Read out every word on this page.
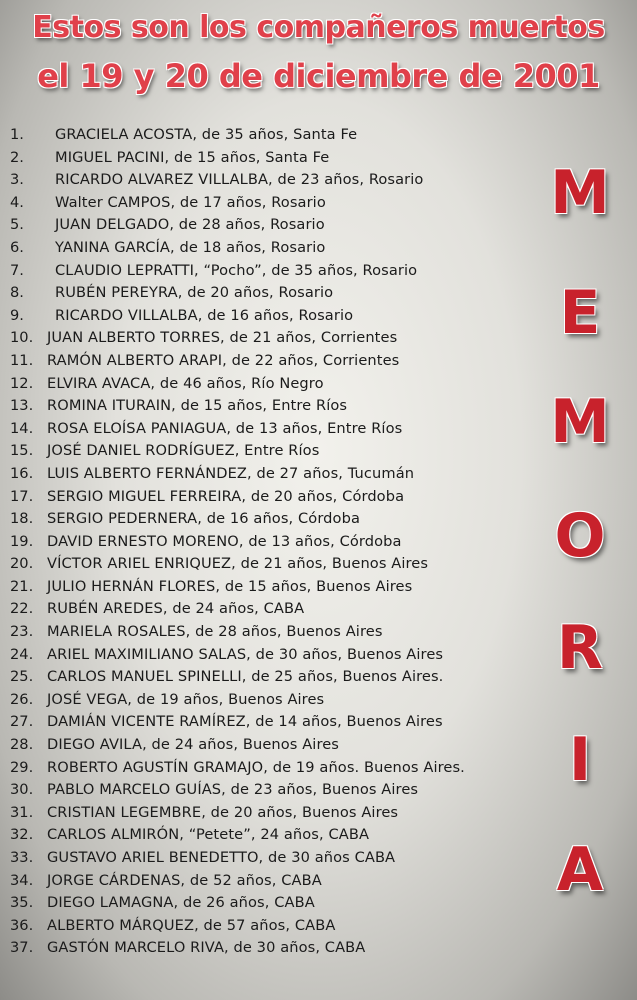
Estos son los compañeros muertos
el 19 y 20 de diciembre de 2001
1. GRACIELA ACOSTA, de 35 años, Santa Fe
2. MIGUEL PACINI, de 15 años, Santa Fe
3. RICARDO ALVAREZ VILLALBA, de 23 años, Rosario
4. Walter CAMPOS, de 17 años, Rosario
5. JUAN DELGADO, de 28 años, Rosario
6. YANINA GARCÍA, de 18 años, Rosario
7. CLAUDIO LEPRATTI, “Pocho”, de 35 años, Rosario
8. RUBÉN PEREYRA, de 20 años, Rosario
9. RICARDO VILLALBA, de 16 años, Rosario
10. JUAN ALBERTO TORRES, de 21 años, Corrientes
11. RAMÓN ALBERTO ARAPI, de 22 años, Corrientes
12. ELVIRA AVACA, de 46 años, Río Negro
13. ROMINA ITURAIN, de 15 años, Entre Ríos
14. ROSA ELOÍSA PANIAGUA, de 13 años, Entre Ríos
15. JOSÉ DANIEL RODRÍGUEZ, Entre Ríos
16. LUIS ALBERTO FERNÁNDEZ, de 27 años, Tucumán
17. SERGIO MIGUEL FERREIRA, de 20 años, Córdoba
18. SERGIO PEDERNERA, de 16 años, Córdoba
19. DAVID ERNESTO MORENO, de 13 años, Córdoba
20. VÍCTOR ARIEL ENRIQUEZ, de 21 años, Buenos Aires
21. JULIO HERNÁN FLORES, de 15 años, Buenos Aires
22. RUBÉN AREDES, de 24 años, CABA
23. MARIELA ROSALES, de 28 años, Buenos Aires
24. ARIEL MAXIMILIANO SALAS, de 30 años, Buenos Aires
25. CARLOS MANUEL SPINELLI, de 25 años, Buenos Aires.
26. JOSÉ VEGA, de 19 años, Buenos Aires
27. DAMIÁN VICENTE RAMÍREZ, de 14 años, Buenos Aires
28. DIEGO AVILA, de 24 años, Buenos Aires
29. ROBERTO AGUSTÍN GRAMAJO, de 19 años. Buenos Aires.
30. PABLO MARCELO GUÍAS, de 23 años, Buenos Aires
31. CRISTIAN LEGEMBRE, de 20 años, Buenos Aires
32. CARLOS ALMIRÓN, “Petete”, 24 años, CABA
33. GUSTAVO ARIEL BENEDETTO, de 30 años CABA
34. JORGE CÁRDENAS, de 52 años, CABA
35. DIEGO LAMAGNA, de 26 años, CABA
36. ALBERTO MÁRQUEZ, de 57 años, CABA
37. GASTÓN MARCELO RIVA, de 30 años, CABA
M
E
M
O
R
I
A
